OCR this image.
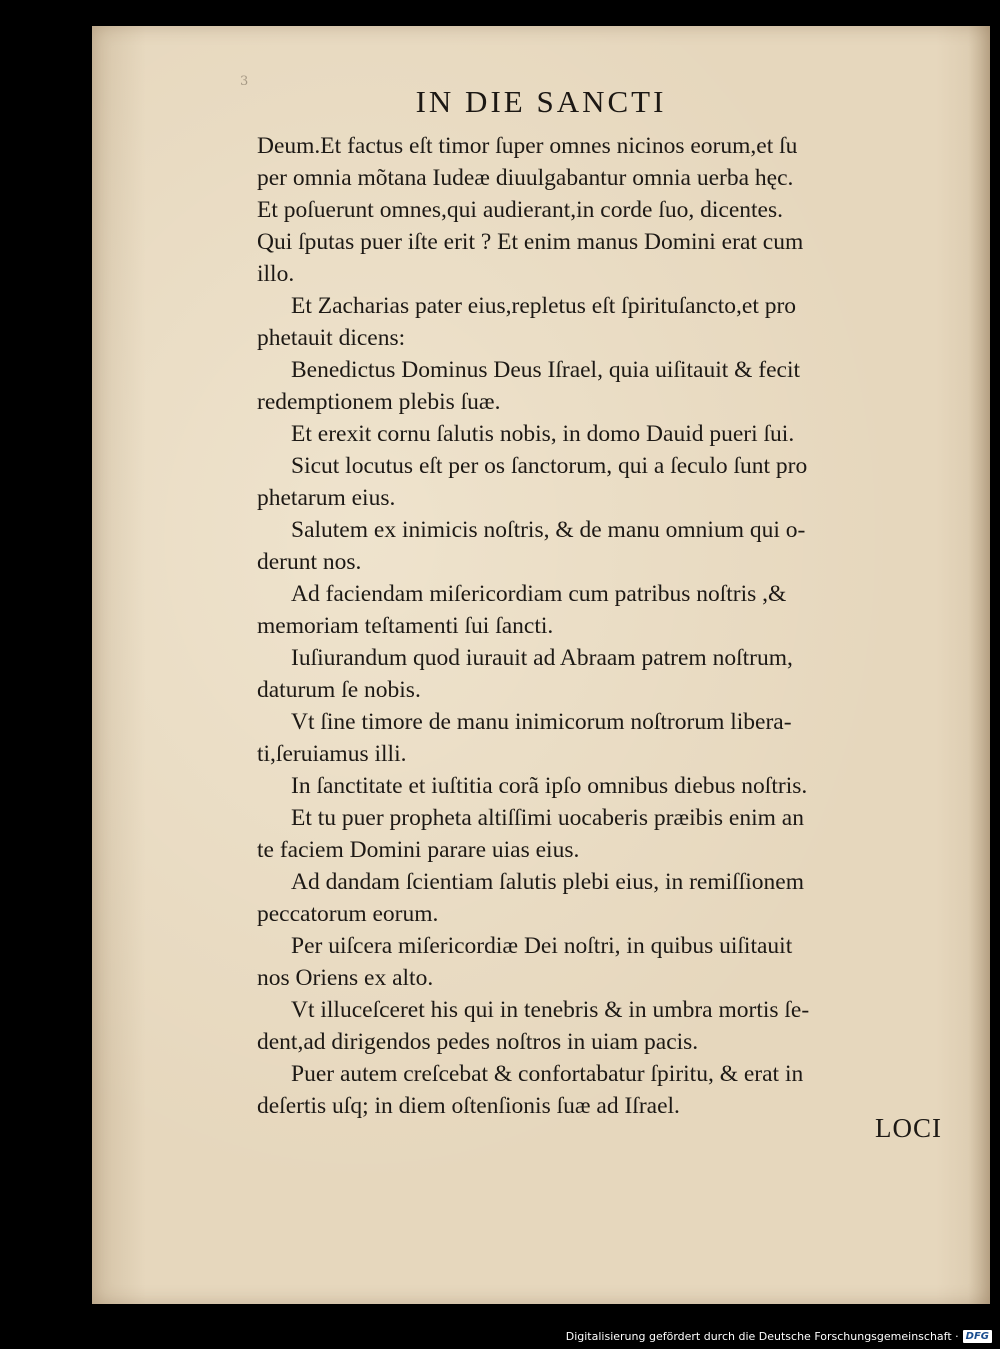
3
IN DIE SANCTI
Deum.Et factus eſt timor ſuper omnes nicinos eorum,et ſu
per omnia mõtana Iudeæ diuulgabantur omnia uerba hęc.
Et poſuerunt omnes,qui audierant,in corde ſuo, dicentes.
Qui ſputas puer iſte erit ? Et enim manus Domini erat cum
illo.
Et Zacharias pater eius,repletus eſt ſpirituſancto,et pro
phetauit dicens:
Benedictus Dominus Deus Iſrael, quia uiſitauit & fecit
redemptionem plebis ſuæ.
Et erexit cornu ſalutis nobis, in domo Dauid pueri ſui.
Sicut locutus eſt per os ſanctorum, qui a ſeculo ſunt pro
phetarum eius.
Salutem ex inimicis noſtris, & de manu omnium qui o-
derunt nos.
Ad faciendam miſericordiam cum patribus noſtris ,&
memoriam teſtamenti ſui ſancti.
Iuſiurandum quod iurauit ad Abraam patrem noſtrum,
daturum ſe nobis.
Vt ſine timore de manu inimicorum noſtrorum libera-
ti,ſeruiamus illi.
In ſanctitate et iuſtitia corã ipſo omnibus diebus noſtris.
Et tu puer propheta altiſſimi uocaberis præibis enim an
te faciem Domini parare uias eius.
Ad dandam ſcientiam ſalutis plebi eius, in remiſſionem
peccatorum eorum.
Per uiſcera miſericordiæ Dei noſtri, in quibus uiſitauit
nos Oriens ex alto.
Vt illuceſceret his qui in tenebris & in umbra mortis ſe-
dent,ad dirigendos pedes noſtros in uiam pacis.
Puer autem creſcebat & confortabatur ſpiritu, & erat in
deſertis uſq; in diem oſtenſionis ſuæ ad Iſrael.
LOCI
Digitalisierung gefördert durch die Deutsche Forschungsgemeinschaft · DFG
